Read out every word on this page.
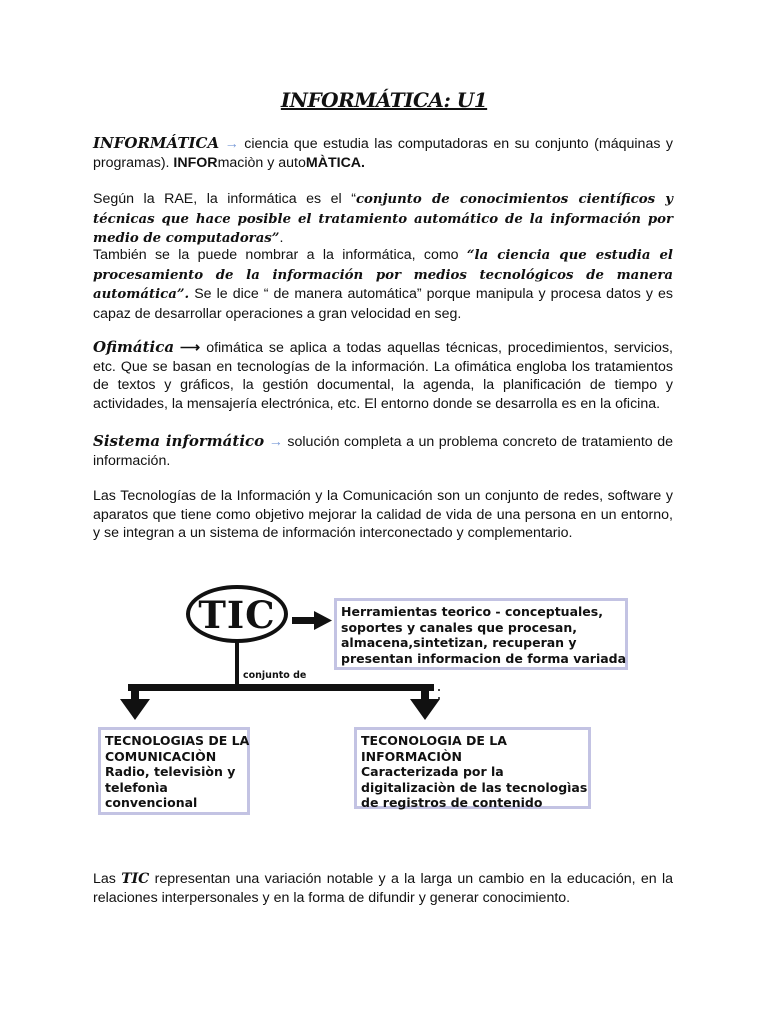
INFORMÁTICA: U1
INFORMÁTICA → ciencia que estudia las computadoras en su conjunto (máquinas y programas). INFORmaciòn y autoMÀTICA.
Según la RAE, la informática es el “conjunto de conocimientos científicos y técnicas que hace posible el tratamiento automático de la información por medio de computadoras”.
También se la puede nombrar a la informática, como “la ciencia que estudia el procesamiento de la información por medios tecnológicos de manera automática”. Se le dice “ de manera automática” porque manipula y procesa datos y es capaz de desarrollar operaciones a gran velocidad en seg.
Ofimática ⟶ ofimática se aplica a todas aquellas técnicas, procedimientos, servicios, etc. Que se basan en tecnologías de la información. La ofimática engloba los tratamientos de textos y gráficos, la gestión documental, la agenda, la planificación de tiempo y actividades, la mensajería electrónica, etc. El entorno donde se desarrolla es en la oficina.
Sistema informático → solución completa a un problema concreto de tratamiento de información.
Las Tecnologías de la Información y la Comunicación son un conjunto de redes, software y aparatos que tiene como objetivo mejorar la calidad de vida de una persona en un entorno, y se integran a un sistema de información interconectado y complementario.
TIC
conjunto de
Herramientas teorico - conceptuales,
soportes y canales que procesan,
almacena,sintetizan, recuperan y
presentan informacion de forma variada
TECNOLOGIAS DE LA
COMUNICACIÒN
Radio, televisiòn y
telefonìa
convencional
TECONOLOGIA DE LA
INFORMACIÒN
Caracterizada por la
digitalizaciòn de las tecnologìas
de registros de contenido
Las TIC representan una variación notable y a la larga un cambio en la educación, en la relaciones interpersonales y en la forma de difundir y generar conocimiento.
